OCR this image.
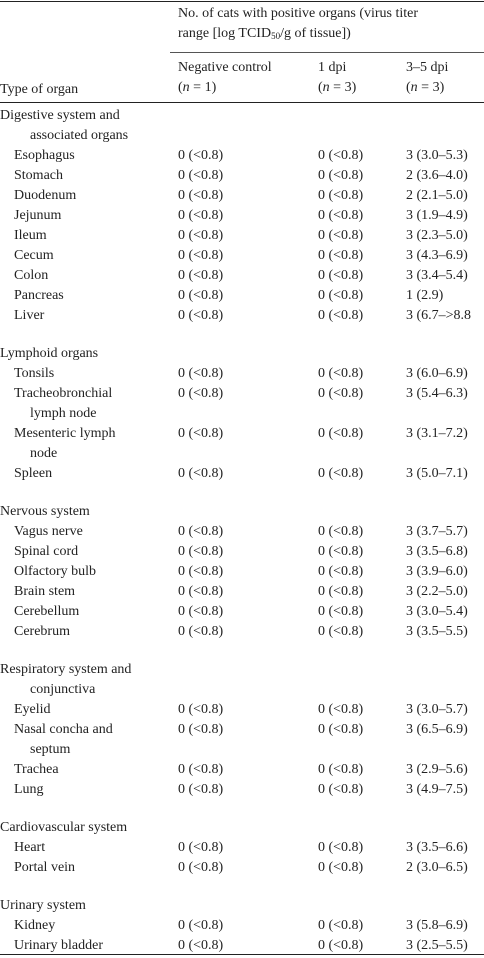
No. of cats with positive organs (virus titer
range [log $TCID_{50}/g$ of tissue])
Type of organ
Negative control
(n = 1)
1 dpi
(n = 3)
3–5 dpi
(n = 3)
Digestive system and
associated organs
Esophagus	0 (<0.8)	0 (<0.8)	3 (3.0–5.3)
Stomach	0 (<0.8)	0 (<0.8)	2 (3.6–4.0)
Duodenum	0 (<0.8)	0 (<0.8)	2 (2.1–5.0)
Jejunum	0 (<0.8)	0 (<0.8)	3 (1.9–4.9)
Ileum	0 (<0.8)	0 (<0.8)	3 (2.3–5.0)
Cecum	0 (<0.8)	0 (<0.8)	3 (4.3–6.9)
Colon	0 (<0.8)	0 (<0.8)	3 (3.4–5.4)
Pancreas	0 (<0.8)	0 (<0.8)	1 (2.9)
Liver	0 (<0.8)	0 (<0.8)	3 (6.7–>8.8
Lymphoid organs
Tonsils	0 (<0.8)	0 (<0.8)	3 (6.0–6.9)
Tracheobronchial
lymph node
0 (<0.8)	0 (<0.8)	3 (5.4–6.3)
Mesenteric lymph
node
0 (<0.8)	0 (<0.8)	3 (3.1–7.2)
Spleen	0 (<0.8)	0 (<0.8)	3 (5.0–7.1)
Nervous system
Vagus nerve	0 (<0.8)	0 (<0.8)	3 (3.7–5.7)
Spinal cord	0 (<0.8)	0 (<0.8)	3 (3.5–6.8)
Olfactory bulb	0 (<0.8)	0 (<0.8)	3 (3.9–6.0)
Brain stem	0 (<0.8)	0 (<0.8)	3 (2.2–5.0)
Cerebellum	0 (<0.8)	0 (<0.8)	3 (3.0–5.4)
Cerebrum	0 (<0.8)	0 (<0.8)	3 (3.5–5.5)
Respiratory system and
conjunctiva
Eyelid	0 (<0.8)	0 (<0.8)	3 (3.0–5.7)
Nasal concha and
septum
0 (<0.8)	0 (<0.8)	3 (6.5–6.9)
Trachea	0 (<0.8)	0 (<0.8)	3 (2.9–5.6)
Lung	0 (<0.8)	0 (<0.8)	3 (4.9–7.5)
Cardiovascular system
Heart	0 (<0.8)	0 (<0.8)	3 (3.5–6.6)
Portal vein	0 (<0.8)	0 (<0.8)	2 (3.0–6.5)
Urinary system
Kidney	0 (<0.8)	0 (<0.8)	3 (5.8–6.9)
Urinary bladder	0 (<0.8)	0 (<0.8)	3 (2.5–5.5)
